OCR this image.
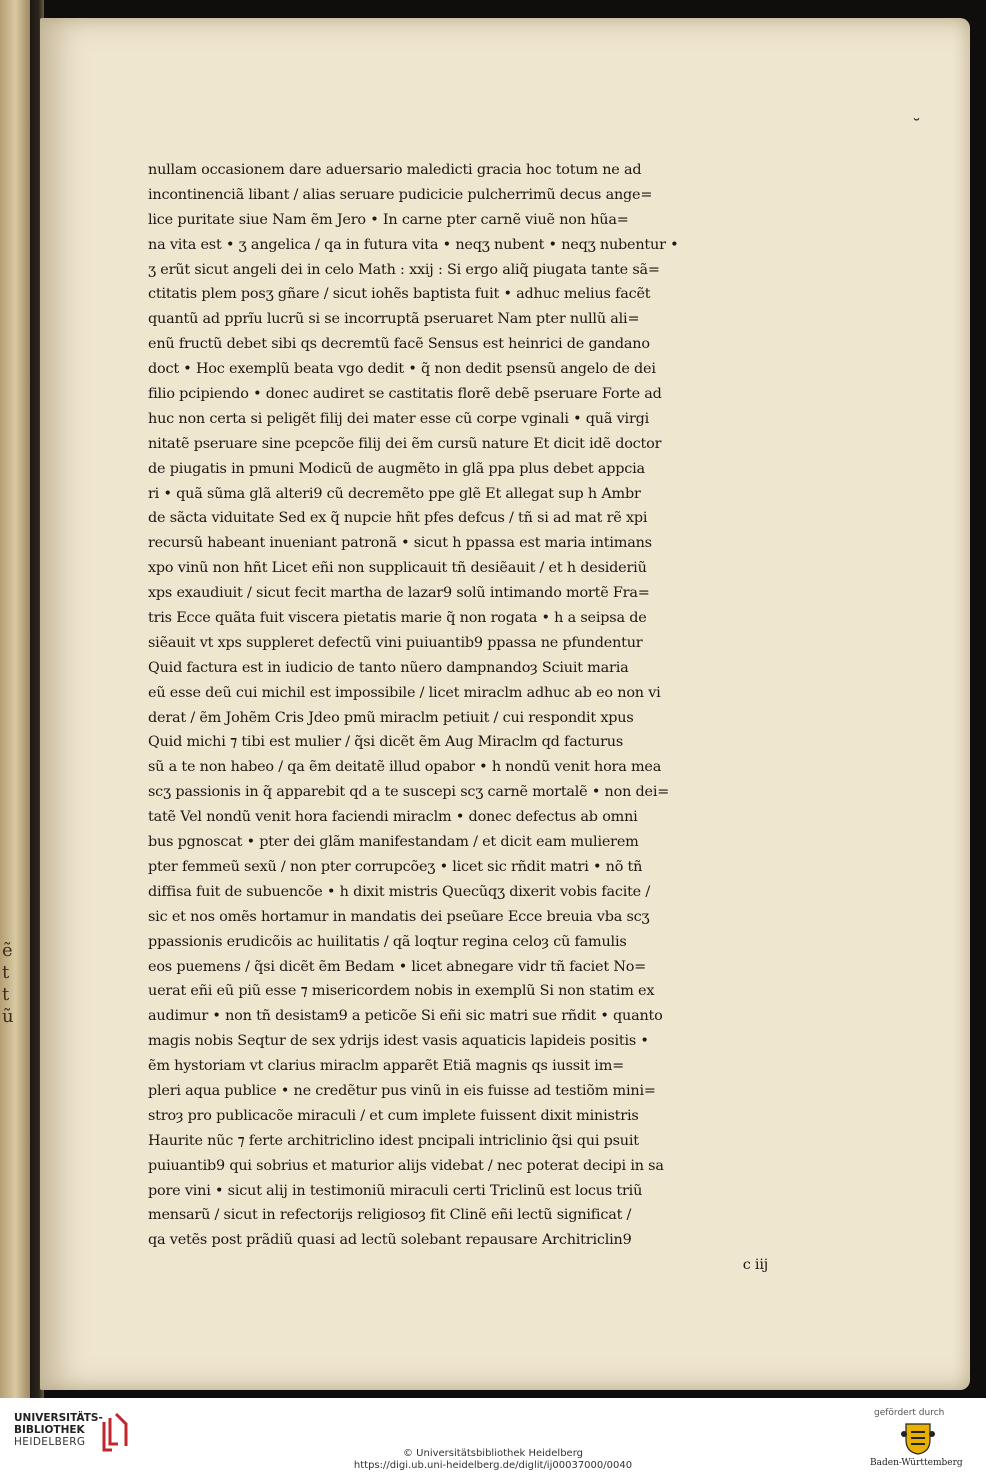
ẽ
t
t
ũ
˘
nullam occasionem dare aduersario maledicti gracia hoc totum ne ad
incontinenciã libant / alias seruare pudicicie pulcherrimũ decus ange=
lice puritate siue Nam ẽm Jero • In carne pter carnẽ viuẽ non hũa=
na vita est • ʒ angelica / qa in futura vita • neqʒ nubent • neqʒ nubentur •
ʒ erũt sicut angeli dei in celo Math : xxij : Si ergo aliq̃ piugata tante sã=
ctitatis plem posʒ gñare / sicut iohẽs baptista fuit • adhuc melius facẽt
quantũ ad pprĩu lucrũ si se incorruptã pseruaret Nam pter nullũ ali=
enũ fructũ debet sibi qs decremtũ facẽ Sensus est heinrici de gandano
doct • Hoc exemplũ beata vgo dedit • q̃ non dedit psensũ angelo de dei
filio pcipiendo • donec audiret se castitatis florẽ debẽ pseruare Forte ad
huc non certa si peligẽt filij dei mater esse cũ corpe vginali • quã virgi
nitatẽ pseruare sine pcepcõe filij dei ẽm cursũ nature Et dicit idẽ doctor
de piugatis in pmuni Modicũ de augmẽto in glã ppa plus debet appcia
ri • quã sũma glã alteri9 cũ decremẽto ppe glẽ Et allegat sup h Ambr
de sãcta viduitate Sed ex q̃ nupcie hñt pfes defcus / tñ si ad mat rẽ xpi
recursũ habeant inueniant patronã • sicut h ppassa est maria intimans
xpo vinũ non hñt Licet eñi non supplicauit tñ desiẽauit / et h desideriũ
xps exaudiuit / sicut fecit martha de lazar9 solũ intimando mortẽ Fra=
tris Ecce quãta fuit viscera pietatis marie q̃ non rogata • h a seipsa de
siẽauit vt xps suppleret defectũ vini puiuantib9 ppassa ne pfundentur
Quid factura est in iudicio de tanto nũero dampnandoȝ Sciuit maria
eũ esse deũ cui michil est impossibile / licet miraclm adhuc ab eo non vi
derat / ẽm Johẽm Cris Jdeo pmũ miraclm petiuit / cui respondit xpus
Quid michi ⁊ tibi est mulier / q̃si dicẽt ẽm Aug Miraclm qd facturus
sũ a te non habeo / qa ẽm deitatẽ illud opabor • h nondũ venit hora mea
scʒ passionis in q̃ apparebit qd a te suscepi scʒ carnẽ mortalẽ • non dei=
tatẽ Vel nondũ venit hora faciendi miraclm • donec defectus ab omni
bus pgnoscat • pter dei glãm manifestandam / et dicit eam mulierem
pter femmeũ sexũ / non pter corrupcõeʒ • licet sic rñdit matri • nõ tñ
diffisa fuit de subuencõe • h dixit mistris Quecũqʒ dixerit vobis facite /
sic et nos omẽs hortamur in mandatis dei pseũare Ecce breuia vba scʒ
ppassionis erudicõis ac huilitatis / qã loqtur regina celoȝ cũ famulis
eos puemens / q̃si dicẽt ẽm Bedam • licet abnegare vidr tñ faciet No=
uerat eñi eũ piũ esse ⁊ misericordem nobis in exemplũ Si non statim ex
audimur • non tñ desistam9 a peticõe Si eñi sic matri sue rñdit • quanto
magis nobis Seqtur de sex ydrijs idest vasis aquaticis lapideis positis •
ẽm hystoriam vt clarius miraclm apparẽt Etiã magnis qs iussit im=
pleri aqua publice • ne credẽtur pus vinũ in eis fuisse ad testiõm mini=
stroȝ pro publicacõe miraculi / et cum implete fuissent dixit ministris
Haurite nũc ⁊ ferte architriclino idest pncipali intriclinio q̃si qui psuit
puiuantib9 qui sobrius et maturior alijs videbat / nec poterat decipi in sa
pore vini • sicut alij in testimoniũ miraculi certi Triclinũ est locus triũ
mensarũ / sicut in refectorijs religiosoȝ fit Clinẽ eñi lectũ significat /
qa vetẽs post prãdiũ quasi ad lectũ solebant repausare Architriclin9
c iij
UNIVERSITÄTS-
BIBLIOTHEK
HEIDELBERG
© Universitätsbibliothek Heidelberg
https://digi.ub.uni-heidelberg.de/diglit/ij00037000/0040
gefördert durch
Baden-Württemberg
